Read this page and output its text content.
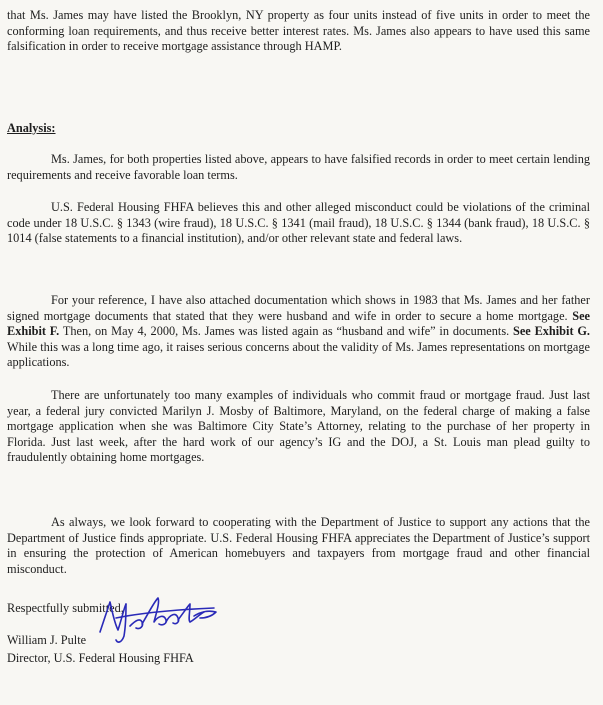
that Ms. James may have listed the Brooklyn, NY property as four units instead of five units in order to meet the conforming loan requirements, and thus receive better interest rates. Ms. James also appears to have used this same falsification in order to receive mortgage assistance through HAMP.

Analysis:

Ms. James, for both properties listed above, appears to have falsified records in order to meet certain lending requirements and receive favorable loan terms.

U.S. Federal Housing FHFA believes this and other alleged misconduct could be violations of the criminal code under 18 U.S.C. § 1343 (wire fraud), 18 U.S.C. § 1341 (mail fraud), 18 U.S.C. § 1344 (bank fraud), 18 U.S.C. § 1014 (false statements to a financial institution), and/or other relevant state and federal laws.

For your reference, I have also attached documentation which shows in 1983 that Ms. James and her father signed mortgage documents that stated that they were husband and wife in order to secure a home mortgage. See Exhibit F. Then, on May 4, 2000, Ms. James was listed again as “husband and wife” in documents. See Exhibit G. While this was a long time ago, it raises serious concerns about the validity of Ms. James representations on mortgage applications.

There are unfortunately too many examples of individuals who commit fraud or mortgage fraud. Just last year, a federal jury convicted Marilyn J. Mosby of Baltimore, Maryland, on the federal charge of making a false mortgage application when she was Baltimore City State’s Attorney, relating to the purchase of her property in Florida. Just last week, after the hard work of our agency’s IG and the DOJ, a St. Louis man plead guilty to fraudulently obtaining home mortgages.

As always, we look forward to cooperating with the Department of Justice to support any actions that the Department of Justice finds appropriate. U.S. Federal Housing FHFA appreciates the Department of Justice’s support in ensuring the protection of American homebuyers and taxpayers from mortgage fraud and other financial misconduct.

Respectfully submitted,

William J. Pulte

Director, U.S. Federal Housing FHFA
